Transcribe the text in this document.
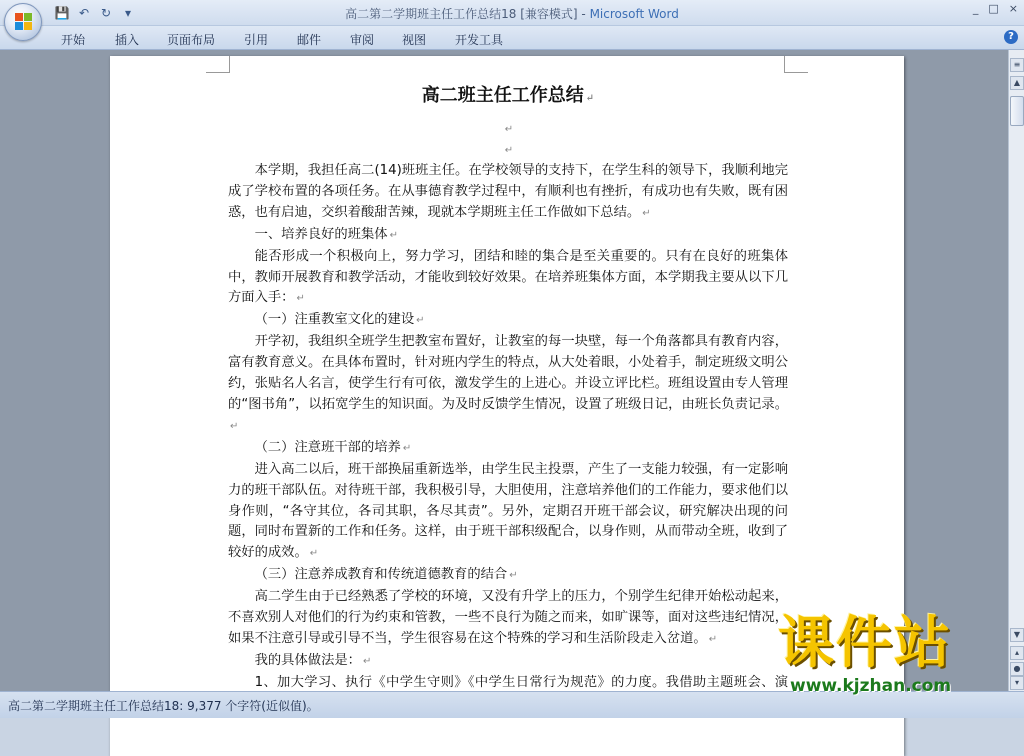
💾 ↶ ↻	▾	高二第二学期班主任工作总结18 [兼容模式] - Microsoft Word	_ □ ×
开始 插入 页面布局 引用 邮件 审阅 视图 开发工具	?
高二班主任工作总结 ↵

↵

↵

本学期，我担任高二(14)班班主任。在学校领导的支持下，在学生科的领导下，我顺利地完成了学校布置的各项任务。在从事德育教学过程中，有顺利也有挫折，有成功也有失败，既有困惑，也有启迪，交织着酸甜苦辣，现就本学期班主任工作做如下总结。 ↵

一、培养良好的班集体 ↵

能否形成一个积极向上，努力学习，团结和睦的集合是至关重要的。只有在良好的班集体中，教师开展教育和教学活动，才能收到较好效果。在培养班集体方面，本学期我主要从以下几方面入手： ↵

（一）注重教室文化的建设 ↵

开学初，我组织全班学生把教室布置好，让教室的每一块壁，每一个角落都具有教育内容，富有教育意义。在具体布置时，针对班内学生的特点，从大处着眼，小处着手，制定班级文明公约，张贴名人名言，使学生行有可依，激发学生的上进心。并设立评比栏。班组设置由专人管理的“图书角”，以拓宽学生的知识面。为及时反馈学生情况，设置了班级日记，由班长负责记录。↵

（二）注意班干部的培养 ↵

进入高二以后，班干部换届重新选举，由学生民主投票，产生了一支能力较强，有一定影响力的班干部队伍。对待班干部，我积极引导，大胆使用，注意培养他们的工作能力，要求他们以身作则，“各守其位，各司其职，各尽其责”。另外，定期召开班干部会议，研究解决出现的问题，同时布置新的工作和任务。这样，由于班干部积级配合，以身作则，从而带动全班，收到了较好的成效。 ↵

（三）注意养成教育和传统道德教育的结合 ↵

高二学生由于已经熟悉了学校的环境，又没有升学上的压力，个别学生纪律开始松动起来，不喜欢别人对他们的行为约束和管教，一些不良行为随之而来，如旷课等，面对这些违纪情况，如果不注意引导或引导不当，学生很容易在这个特殊的学习和生活阶段走入岔道。 ↵

我的具体做法是： ↵

1、加大学习、执行《中学生守则》《中学生日常行为规范》的力度。我借助主题班会、演

≡
▲
▼
▴
●
▾
高二第二学期班主任工作总结18: 9,377 个字符(近似值)。
课件站
www.kjzhan.com
